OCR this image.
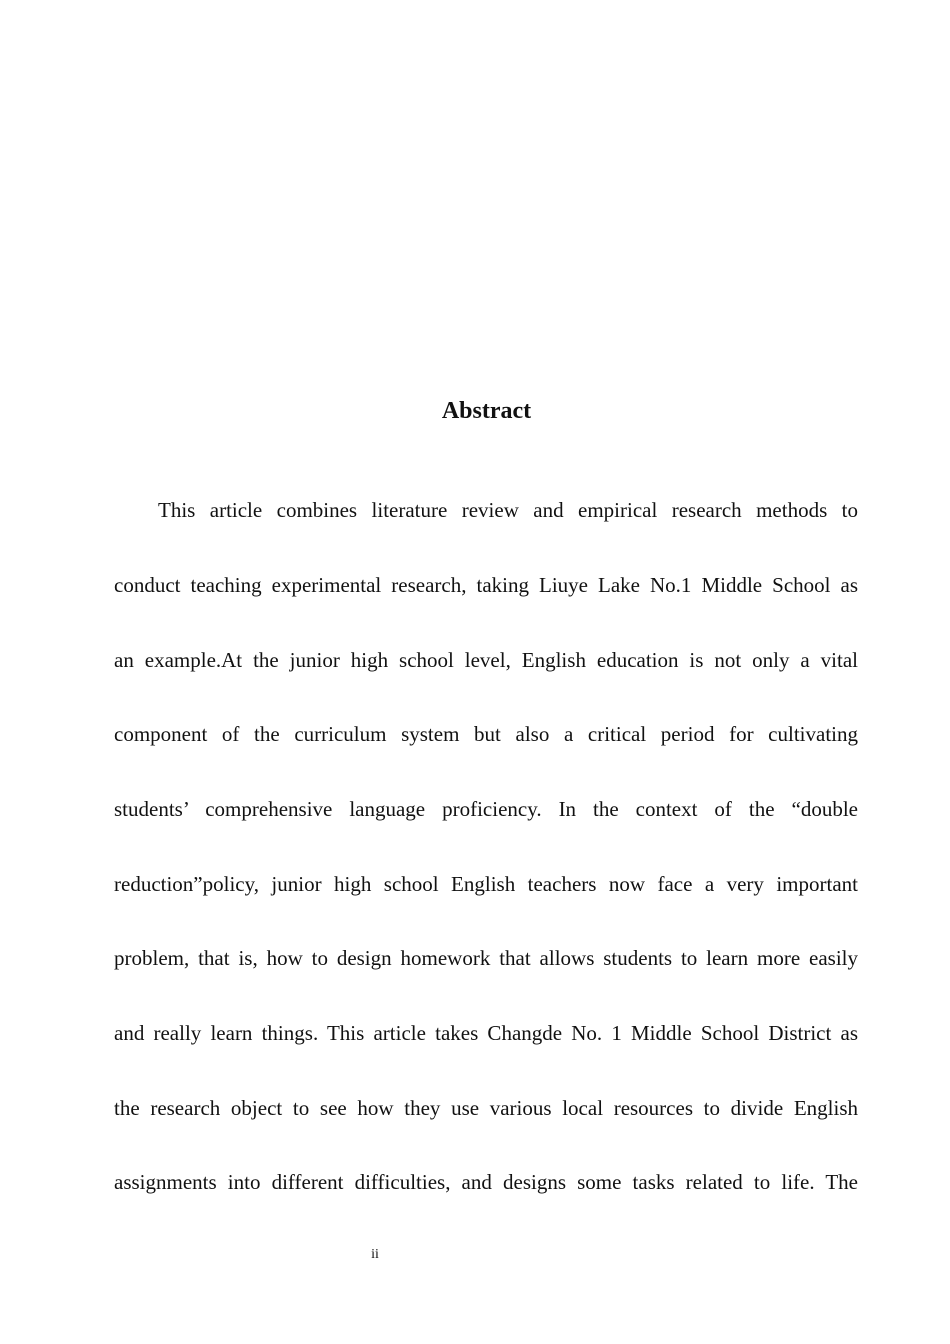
Abstract
This article combines literature review and empirical research methods to
conduct teaching experimental research, taking Liuye Lake No.1 Middle School as
an example.At the junior high school level, English education is not only a vital
component of the curriculum system but also a critical period for cultivating
students’ comprehensive language proficiency. In the context of the “double
reduction”policy, junior high school English teachers now face a very important
problem, that is, how to design homework that allows students to learn more easily
and really learn things. This article takes Changde No. 1 Middle School District as
the research object to see how they use various local resources to divide English
assignments into different difficulties, and designs some tasks related to life. The
ii
